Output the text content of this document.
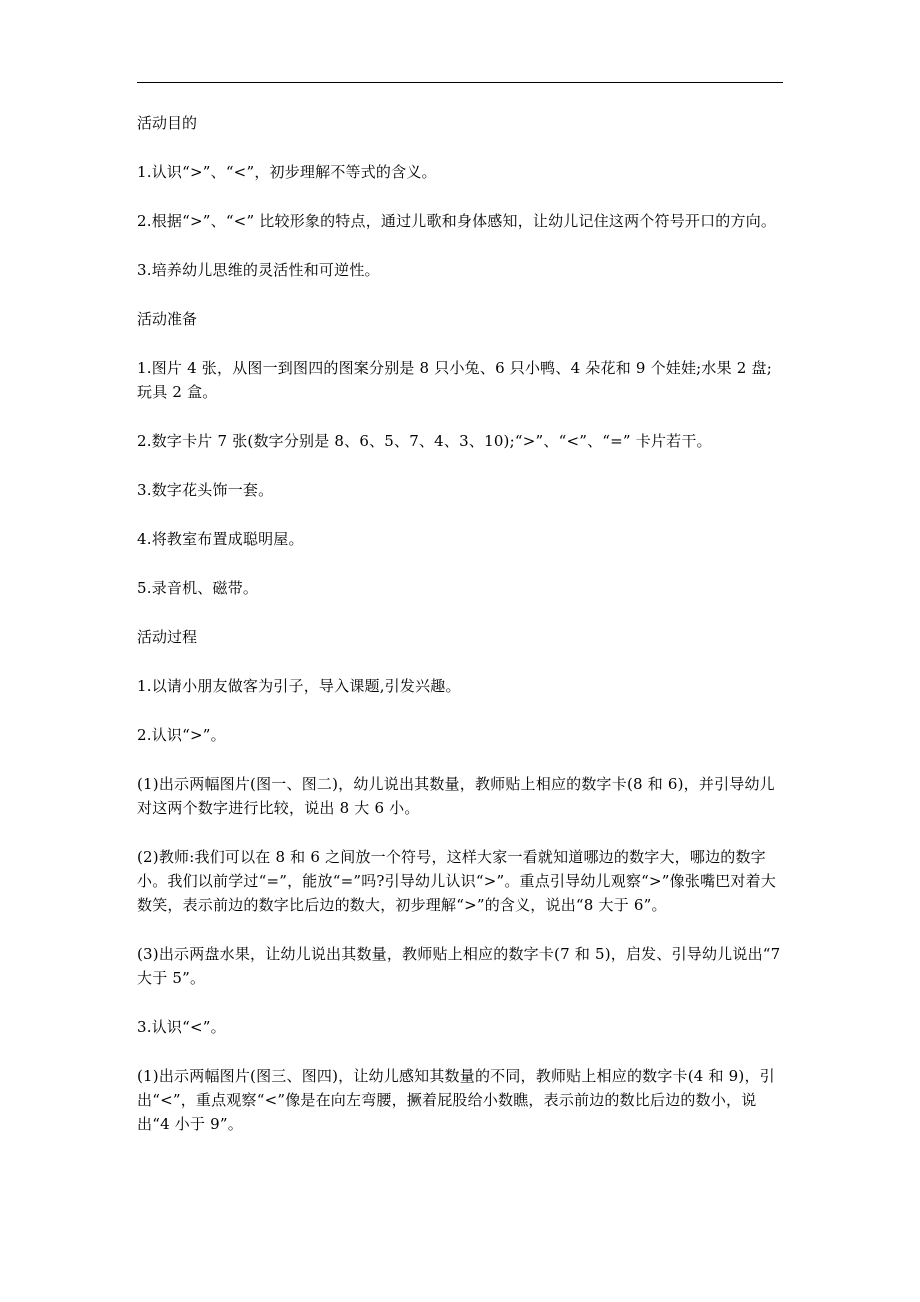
活动目的

1.认识“>”、“<”，初步理解不等式的含义。

2.根据“>”、“<” 比较形象的特点，通过儿歌和身体感知，让幼儿记住这两个符号开口的方向。

3.培养幼儿思维的灵活性和可逆性。

活动准备

1.图片 4 张，从图一到图四的图案分别是 8 只小兔、6 只小鸭、4 朵花和 9 个娃娃;水果 2 盘;玩具 2 盒。

2.数字卡片 7 张(数字分别是 8、6、5、7、4、3、10);“>”、“<”、“=” 卡片若干。

3.数字花头饰一套。

4.将教室布置成聪明屋。

5.录音机、磁带。

活动过程

1.以请小朋友做客为引子，导入课题,引发兴趣。

2.认识“>”。

(1)出示两幅图片(图一、图二)，幼儿说出其数量，教师贴上相应的数字卡(8 和 6)，并引导幼儿对这两个数字进行比较，说出 8 大 6 小。

(2)教师:我们可以在 8 和 6 之间放一个符号，这样大家一看就知道哪边的数字大，哪边的数字小。我们以前学过“=”，能放“=”吗?引导幼儿认识“>”。重点引导幼儿观察“>”像张嘴巴对着大数笑，表示前边的数字比后边的数大，初步理解“>”的含义，说出“8 大于 6”。

(3)出示两盘水果，让幼儿说出其数量，教师贴上相应的数字卡(7 和 5)，启发、引导幼儿说出“7 大于 5”。

3.认识“<”。

(1)出示两幅图片(图三、图四)，让幼儿感知其数量的不同，教师贴上相应的数字卡(4 和 9)，引出“<”，重点观察“<”像是在向左弯腰，撅着屁股给小数瞧，表示前边的数比后边的数小，说出“4 小于 9”。
